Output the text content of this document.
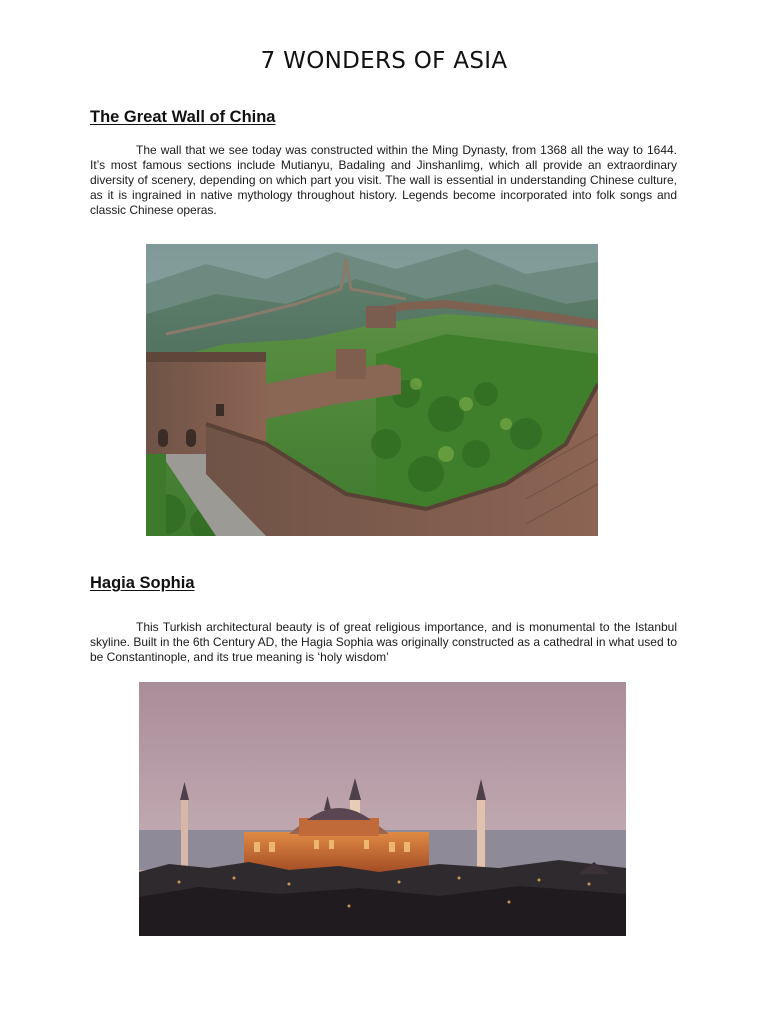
7 WONDERS OF ASIA
The Great Wall of China
The wall that we see today was constructed within the Ming Dynasty, from 1368 all the way to 1644. It’s most famous sections include Mutianyu, Badaling and Jinshanlimg, which all provide an extraordinary diversity of scenery, depending on which part you visit. The wall is essential in understanding Chinese culture, as it is ingrained in native mythology throughout history. Legends become incorporated into folk songs and classic Chinese operas.
Hagia Sophia
This Turkish architectural beauty is of great religious importance, and is monumental to the Istanbul skyline. Built in the 6th Century AD, the Hagia Sophia was originally constructed as a cathedral in what used to be Constantinople, and its true meaning is ‘holy wisdom’
